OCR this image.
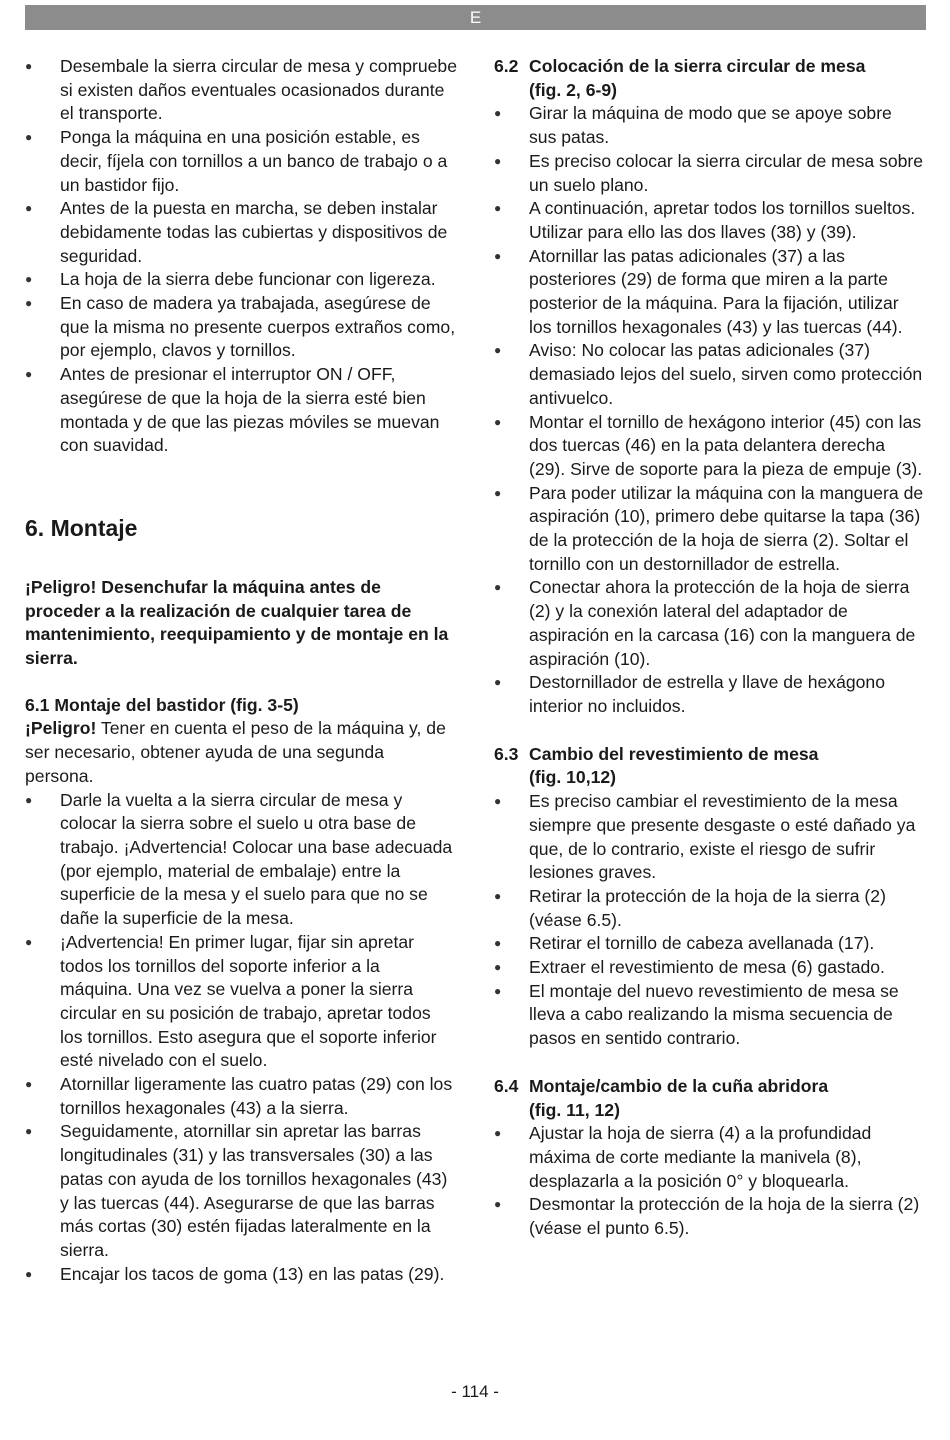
E
● Desembale la sierra circular de mesa y compruebe si existen daños eventuales ocasionados durante el transporte.
● Ponga la máquina en una posición estable, es decir, fíjela con tornillos a un banco de trabajo o a un bastidor fijo.
● Antes de la puesta en marcha, se deben instalar debidamente todas las cubiertas y dispositivos de seguridad.
● La hoja de la sierra debe funcionar con ligereza.
● En caso de madera ya trabajada, asegúrese de que la misma no presente cuerpos extraños como, por ejemplo, clavos y tornillos.
● Antes de presionar el interruptor ON / OFF, asegúrese de que la hoja de la sierra esté bien montada y de que las piezas móviles se muevan con suavidad.
6. Montaje

¡Peligro! Desenchufar la máquina antes de proceder a la realización de cualquier tarea de mantenimiento, reequipamiento y de montaje en la sierra.

6.1 Montaje del bastidor (fig. 3-5)

¡Peligro! Tener en cuenta el peso de la máquina y, de ser necesario, obtener ayuda de una segunda persona.

● Darle la vuelta a la sierra circular de mesa y colocar la sierra sobre el suelo u otra base de trabajo. ¡Advertencia! Colocar una base adecuada (por ejemplo, material de embalaje) entre la superficie de la mesa y el suelo para que no se dañe la superficie de la mesa.
● ¡Advertencia! En primer lugar, fijar sin apretar todos los tornillos del soporte inferior a la máquina. Una vez se vuelva a poner la sierra circular en su posición de trabajo, apretar todos los tornillos. Esto asegura que el soporte inferior esté nivelado con el suelo.
● Atornillar ligeramente las cuatro patas (29) con los tornillos hexagonales (43) a la sierra.
● Seguidamente, atornillar sin apretar las barras longitudinales (31) y las transversales (30) a las patas con ayuda de los tornillos hexagonales (43) y las tuercas (44). Asegurarse de que las barras más cortas (30) estén fijadas lateralmente en la sierra.
● Encajar los tacos de goma (13) en las patas (29).

6.2 Colocación de la sierra circular de mesa
(fig. 2, 6-9)

● Girar la máquina de modo que se apoye sobre sus patas.
● Es preciso colocar la sierra circular de mesa sobre un suelo plano.
● A continuación, apretar todos los tornillos sueltos. Utilizar para ello las dos llaves (38) y (39).
● Atornillar las patas adicionales (37) a las posteriores (29) de forma que miren a la parte posterior de la máquina. Para la fijación, utilizar los tornillos hexagonales (43) y las tuercas (44).
● Aviso: No colocar las patas adicionales (37) demasiado lejos del suelo, sirven como protección antivuelco.
● Montar el tornillo de hexágono interior (45) con las dos tuercas (46) en la pata delantera derecha (29). Sirve de soporte para la pieza de empuje (3).
● Para poder utilizar la máquina con la manguera de aspiración (10), primero debe quitarse la tapa (36) de la protección de la hoja de sierra (2). Soltar el tornillo con un destornillador de estrella.
● Conectar ahora la protección de la hoja de sierra (2) y la conexión lateral del adaptador de aspiración en la carcasa (16) con la manguera de aspiración (10).
● Destornillador de estrella y llave de hexágono interior no incluidos.

6.3 Cambio del revestimiento de mesa
(fig. 10,12)

● Es preciso cambiar el revestimiento de la mesa siempre que presente desgaste o esté dañado ya que, de lo contrario, existe el riesgo de sufrir lesiones graves.
● Retirar la protección de la hoja de la sierra (2) (véase 6.5).
● Retirar el tornillo de cabeza avellanada (17).
● Extraer el revestimiento de mesa (6) gastado.
● El montaje del nuevo revestimiento de mesa se lleva a cabo realizando la misma secuencia de pasos en sentido contrario.

6.4 Montaje/cambio de la cuña abridora
(fig. 11, 12)

● Ajustar la hoja de sierra (4) a la profundidad máxima de corte mediante la manivela (8), desplazarla a la posición 0° y bloquearla.
● Desmontar la protección de la hoja de la sierra (2) (véase el punto 6.5).
- 114 -
